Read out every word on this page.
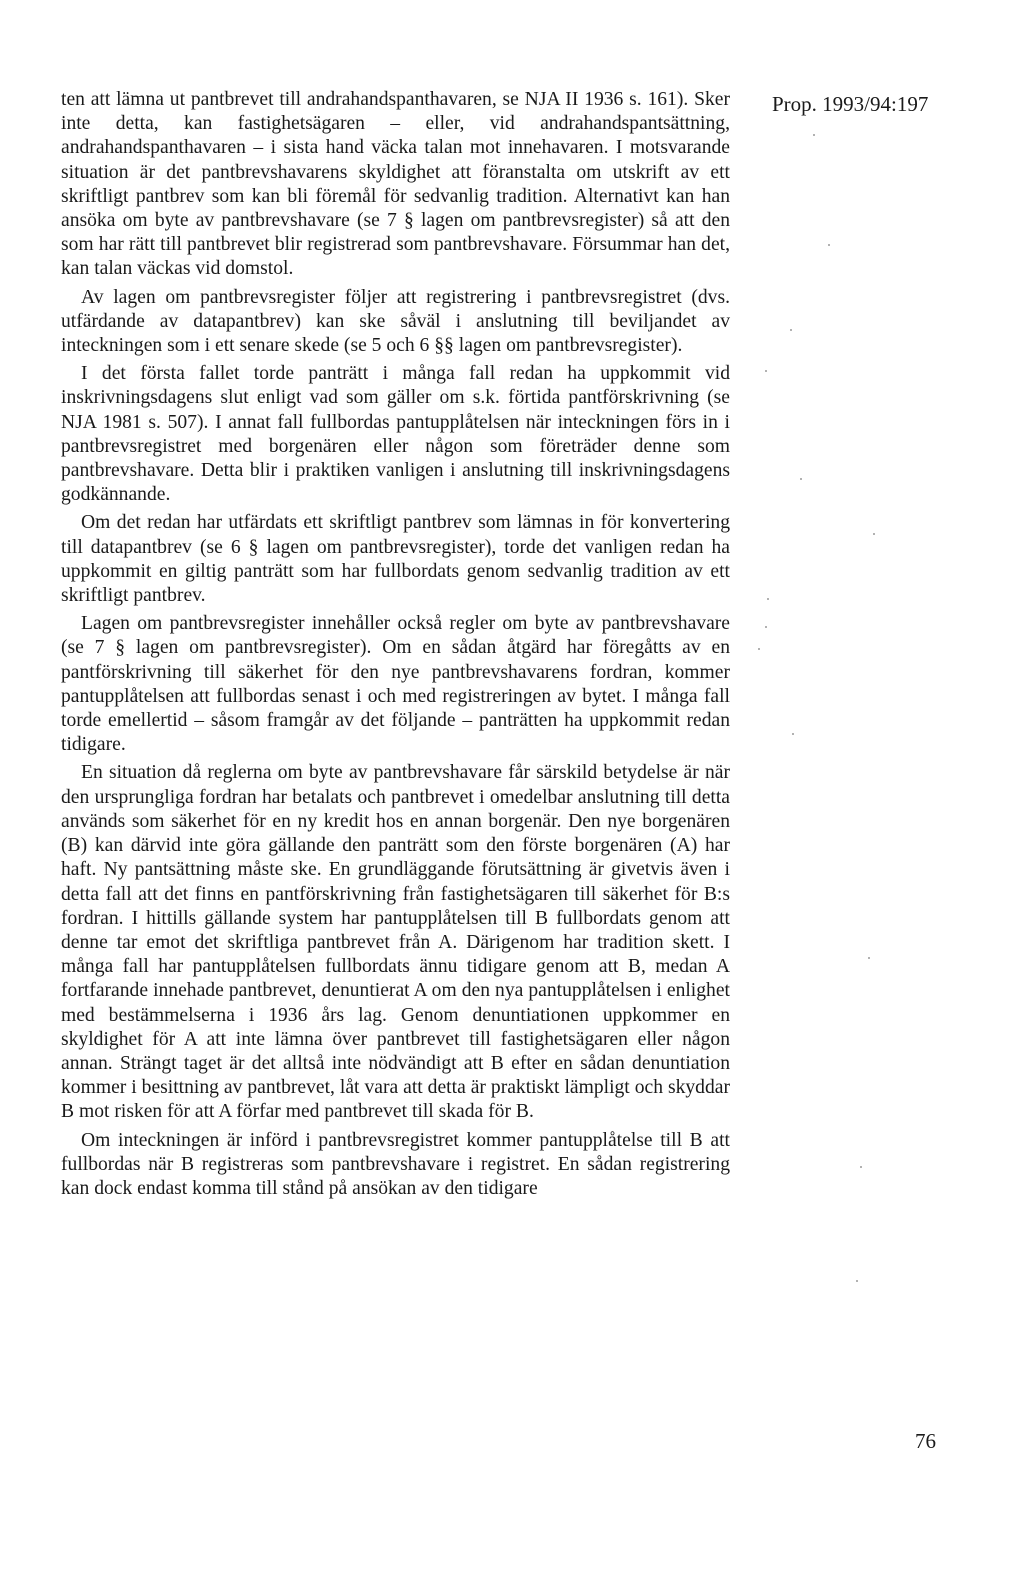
ten att lämna ut pantbrevet till andrahandspanthavaren, se NJA II 1936 s. 161). Sker inte detta, kan fastighetsägaren – eller, vid andrahandspantsättning, andrahandspanthavaren – i sista hand väcka talan mot innehavaren. I motsvarande situation är det pantbrevshavarens skyldighet att föranstalta om utskrift av ett skriftligt pantbrev som kan bli föremål för sedvanlig tradition. Alternativt kan han ansöka om byte av pantbrevshavare (se 7 § lagen om pantbrevsregister) så att den som har rätt till pantbrevet blir registrerad som pantbrevshavare. Försummar han det, kan talan väckas vid domstol.

Av lagen om pantbrevsregister följer att registrering i pantbrevsregistret (dvs. utfärdande av datapantbrev) kan ske såväl i anslutning till beviljandet av inteckningen som i ett senare skede (se 5 och 6 §§ lagen om pantbrevsregister).

I det första fallet torde panträtt i många fall redan ha uppkommit vid inskrivningsdagens slut enligt vad som gäller om s.k. förtida pantförskrivning (se NJA 1981 s. 507). I annat fall fullbordas pantupplåtelsen när inteckningen förs in i pantbrevsregistret med borgenären eller någon som företräder denne som pantbrevshavare. Detta blir i praktiken vanligen i anslutning till inskrivningsdagens godkännande.

Om det redan har utfärdats ett skriftligt pantbrev som lämnas in för konvertering till datapantbrev (se 6 § lagen om pantbrevsregister), torde det vanligen redan ha uppkommit en giltig panträtt som har fullbordats genom sedvanlig tradition av ett skriftligt pantbrev.

Lagen om pantbrevsregister innehåller också regler om byte av pantbrevshavare (se 7 § lagen om pantbrevsregister). Om en sådan åtgärd har föregåtts av en pantförskrivning till säkerhet för den nye pantbrevshavarens fordran, kommer pantupplåtelsen att fullbordas senast i och med registreringen av bytet. I många fall torde emellertid – såsom framgår av det följande – panträtten ha uppkommit redan tidigare.

En situation då reglerna om byte av pantbrevshavare får särskild betydelse är när den ursprungliga fordran har betalats och pantbrevet i omedelbar anslutning till detta används som säkerhet för en ny kredit hos en annan borgenär. Den nye borgenären (B) kan därvid inte göra gällande den panträtt som den förste borgenären (A) har haft. Ny pantsättning måste ske. En grundläggande förutsättning är givetvis även i detta fall att det finns en pantförskrivning från fastighetsägaren till säkerhet för B:s fordran. I hittills gällande system har pantupplåtelsen till B fullbordats genom att denne tar emot det skriftliga pantbrevet från A. Därigenom har tradition skett. I många fall har pantupplåtelsen fullbordats ännu tidigare genom att B, medan A fortfarande innehade pantbrevet, denuntierat A om den nya pantupplåtelsen i enlighet med bestämmelserna i 1936 års lag. Genom denuntiationen uppkommer en skyldighet för A att inte lämna över pantbrevet till fastighetsägaren eller någon annan. Strängt taget är det alltså inte nödvändigt att B efter en sådan denuntiation kommer i besittning av pantbrevet, låt vara att detta är praktiskt lämpligt och skyddar B mot risken för att A förfar med pantbrevet till skada för B.

Om inteckningen är införd i pantbrevsregistret kommer pantupplåtelse till B att fullbordas när B registreras som pantbrevshavare i registret. En sådan registrering kan dock endast komma till stånd på ansökan av den tidigare

Prop. 1993/94:197
76
